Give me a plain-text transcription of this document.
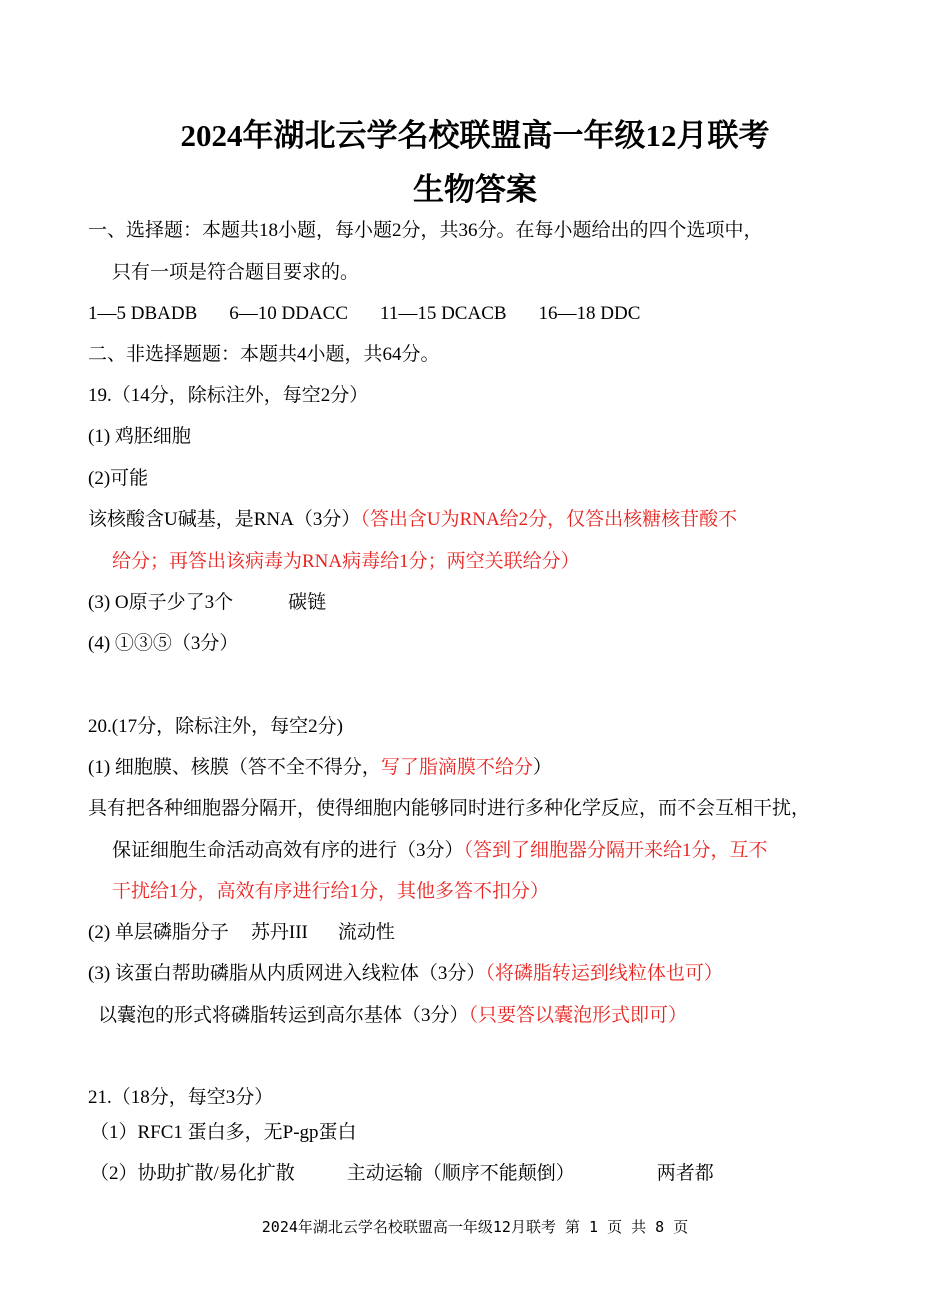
2024年湖北云学名校联盟高一年级12月联考
生物答案
一、选择题：本题共18小题，每小题2分，共36分。在每小题给出的四个选项中，
只有一项是符合题目要求的。
1—5 DBADB 6—10 DDACC 11—15 DCACB 16—18 DDC
二、非选择题题：本题共4小题，共64分。
19.（14分，除标注外，每空2分）
(1) 鸡胚细胞
(2)可能
该核酸含U碱基，是RNA（3分）（答出含U为RNA给2分，仅答出核糖核苷酸不
给分；再答出该病毒为RNA病毒给1分；两空关联给分）
(3) O原子少了3个	碳链
(4) ①③⑤（3分）
20.(17分，除标注外，每空2分)
(1) 细胞膜、核膜（答不全不得分，写了脂滴膜不给分）
具有把各种细胞器分隔开，使得细胞内能够同时进行多种化学反应，而不会互相干扰，
保证细胞生命活动高效有序的进行（3分）（答到了细胞器分隔开来给1分，互不
干扰给1分，高效有序进行给1分，其他多答不扣分）
(2) 单层磷脂分子 苏丹III 流动性
(3) 该蛋白帮助磷脂从内质网进入线粒体（3分）（将磷脂转运到线粒体也可）
以囊泡的形式将磷脂转运到高尔基体（3分）（只要答以囊泡形式即可）
21.（18分，每空3分）
（1）RFC1 蛋白多，无P-gp蛋白
（2）协助扩散/易化扩散	主动运输（顺序不能颠倒）	两者都
2024年湖北云学名校联盟高一年级12月联考 第 1 页 共 8 页
